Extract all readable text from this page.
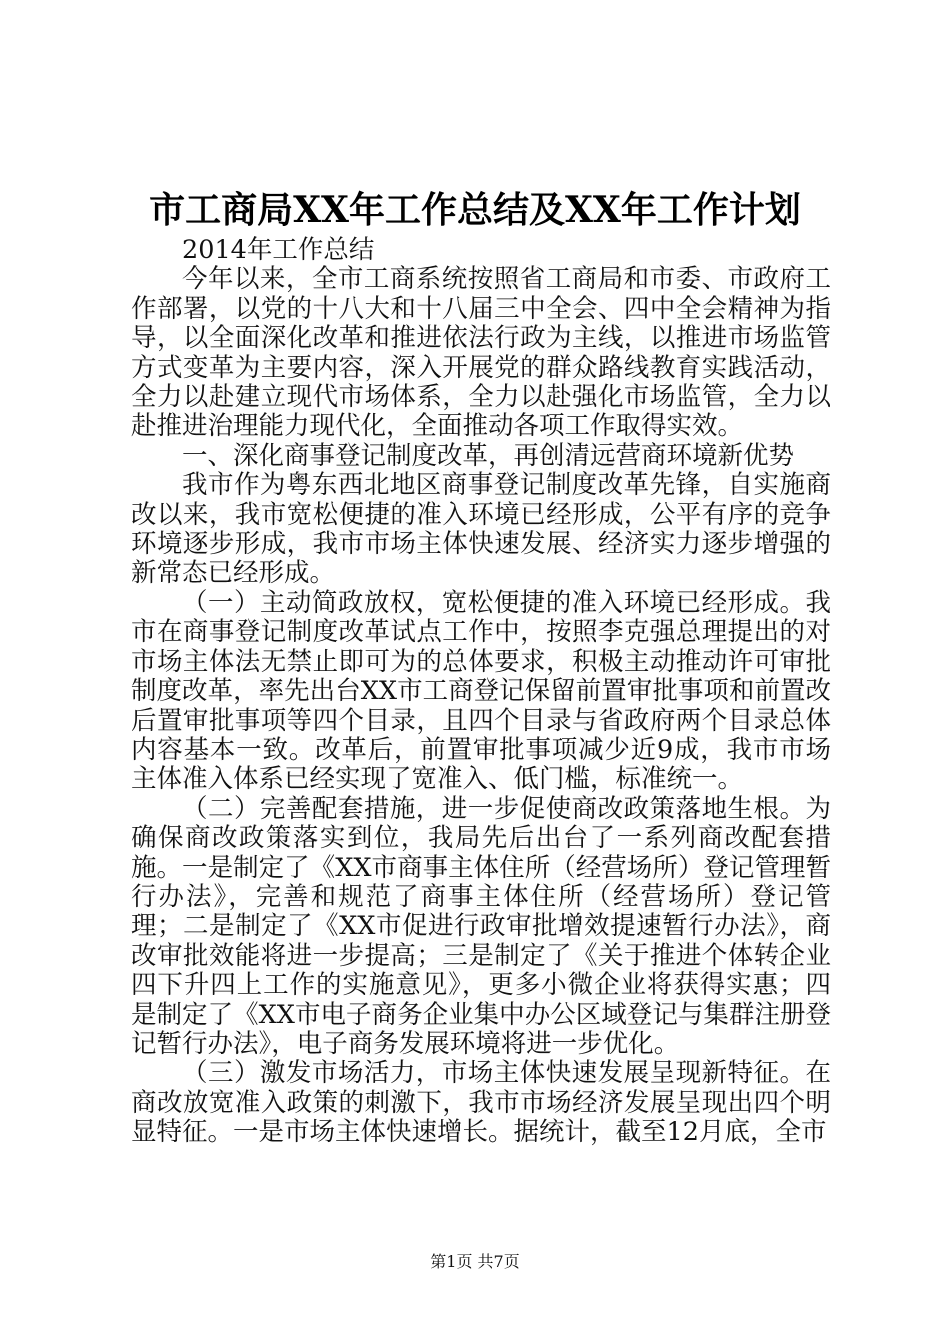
市工商局XX年工作总结及XX年工作计划

2014年工作总结

今年以来，全市工商系统按照省工商局和市委、市政府工作部署，以党的十八大和十八届三中全会、四中全会精神为指导，以全面深化改革和推进依法行政为主线，以推进市场监管方式变革为主要内容，深入开展党的群众路线教育实践活动，全力以赴建立现代市场体系，全力以赴强化市场监管，全力以赴推进治理能力现代化，全面推动各项工作取得实效。

一、深化商事登记制度改革，再创清远营商环境新优势

我市作为粤东西北地区商事登记制度改革先锋，自实施商改以来，我市宽松便捷的准入环境已经形成，公平有序的竞争环境逐步形成，我市市场主体快速发展、经济实力逐步增强的新常态已经形成。

（一）主动简政放权，宽松便捷的准入环境已经形成。我市在商事登记制度改革试点工作中，按照李克强总理提出的对市场主体法无禁止即可为的总体要求，积极主动推动许可审批制度改革，率先出台XX市工商登记保留前置审批事项和前置改后置审批事项等四个目录，且四个目录与省政府两个目录总体内容基本一致。改革后，前置审批事项减少近9成，我市市场主体准入体系已经实现了宽准入、低门槛，标准统一。

（二）完善配套措施，进一步促使商改政策落地生根。为确保商改政策落实到位，我局先后出台了一系列商改配套措施。一是制定了《XX市商事主体住所（经营场所）登记管理暂行办法》，完善和规范了商事主体住所（经营场所）登记管理；二是制定了《XX市促进行政审批增效提速暂行办法》，商改审批效能将进一步提高；三是制定了《关于推进个体转企业四下升四上工作的实施意见》，更多小微企业将获得实惠；四是制定了《XX市电子商务企业集中办公区域登记与集群注册登记暂行办法》，电子商务发展环境将进一步优化。

（三）激发市场活力，市场主体快速发展呈现新特征。在商改放宽准入政策的刺激下，我市市场经济发展呈现出四个明显特征。一是市场主体快速增长。据统计，截至12月底，全市

第1页 共7页
